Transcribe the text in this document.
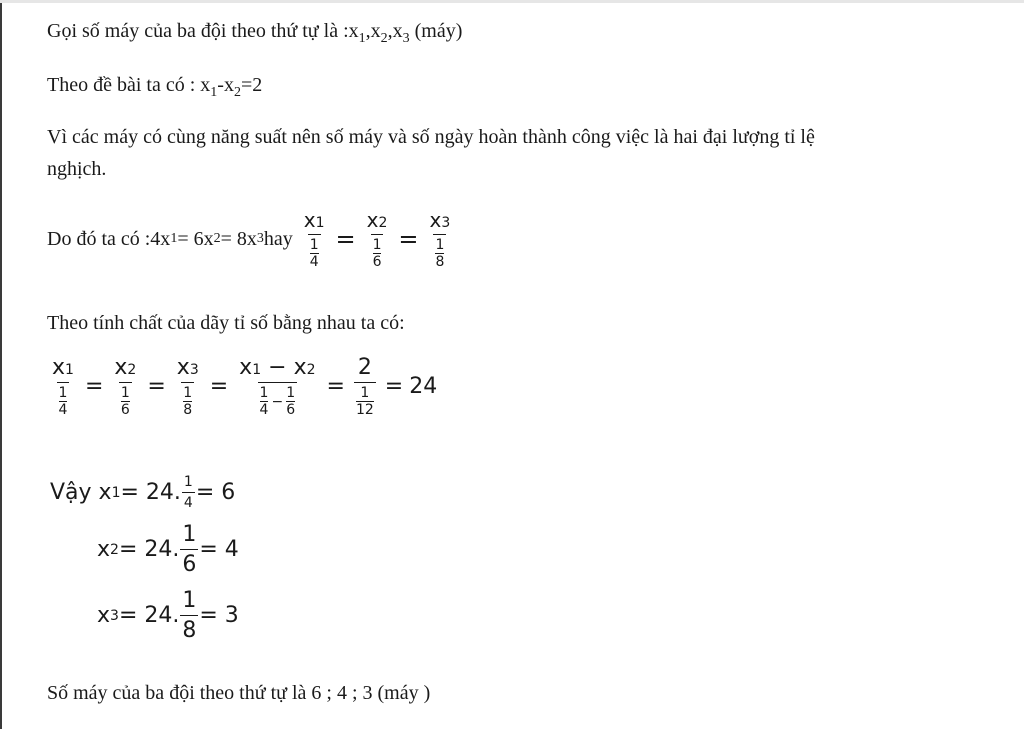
Gọi số máy của ba đội theo thứ tự là $:x_1,x_2,x_3$ (máy)
Theo đề bài ta có : $x_1-x_2=2$
Vì các máy có cùng năng suất nên số máy và số ngày hoàn thành công việc là hai đại lượng tỉ lệ
nghịch.
Do đó ta có :4x 1 = 6x 2 = 8x 3 hay x1
1
4 = x2
1
6 = x3
1
8
Theo tính chất của dãy tỉ số bằng nhau ta có:
x1
1
4 = x2
1
6 = x3
1
8 = x1 − x2
1
4
− $\frac{1}{6} = 2$
1
12 = 24
Vậy x 1 = 24. $\frac{1}{4} = 6$
x 2 = 24. $\frac{1}{6} = 4$
x 3 = 24. $\frac{1}{8} = 3$
Số máy của ba đội theo thứ tự là 6 ; 4 ; 3 (máy )
